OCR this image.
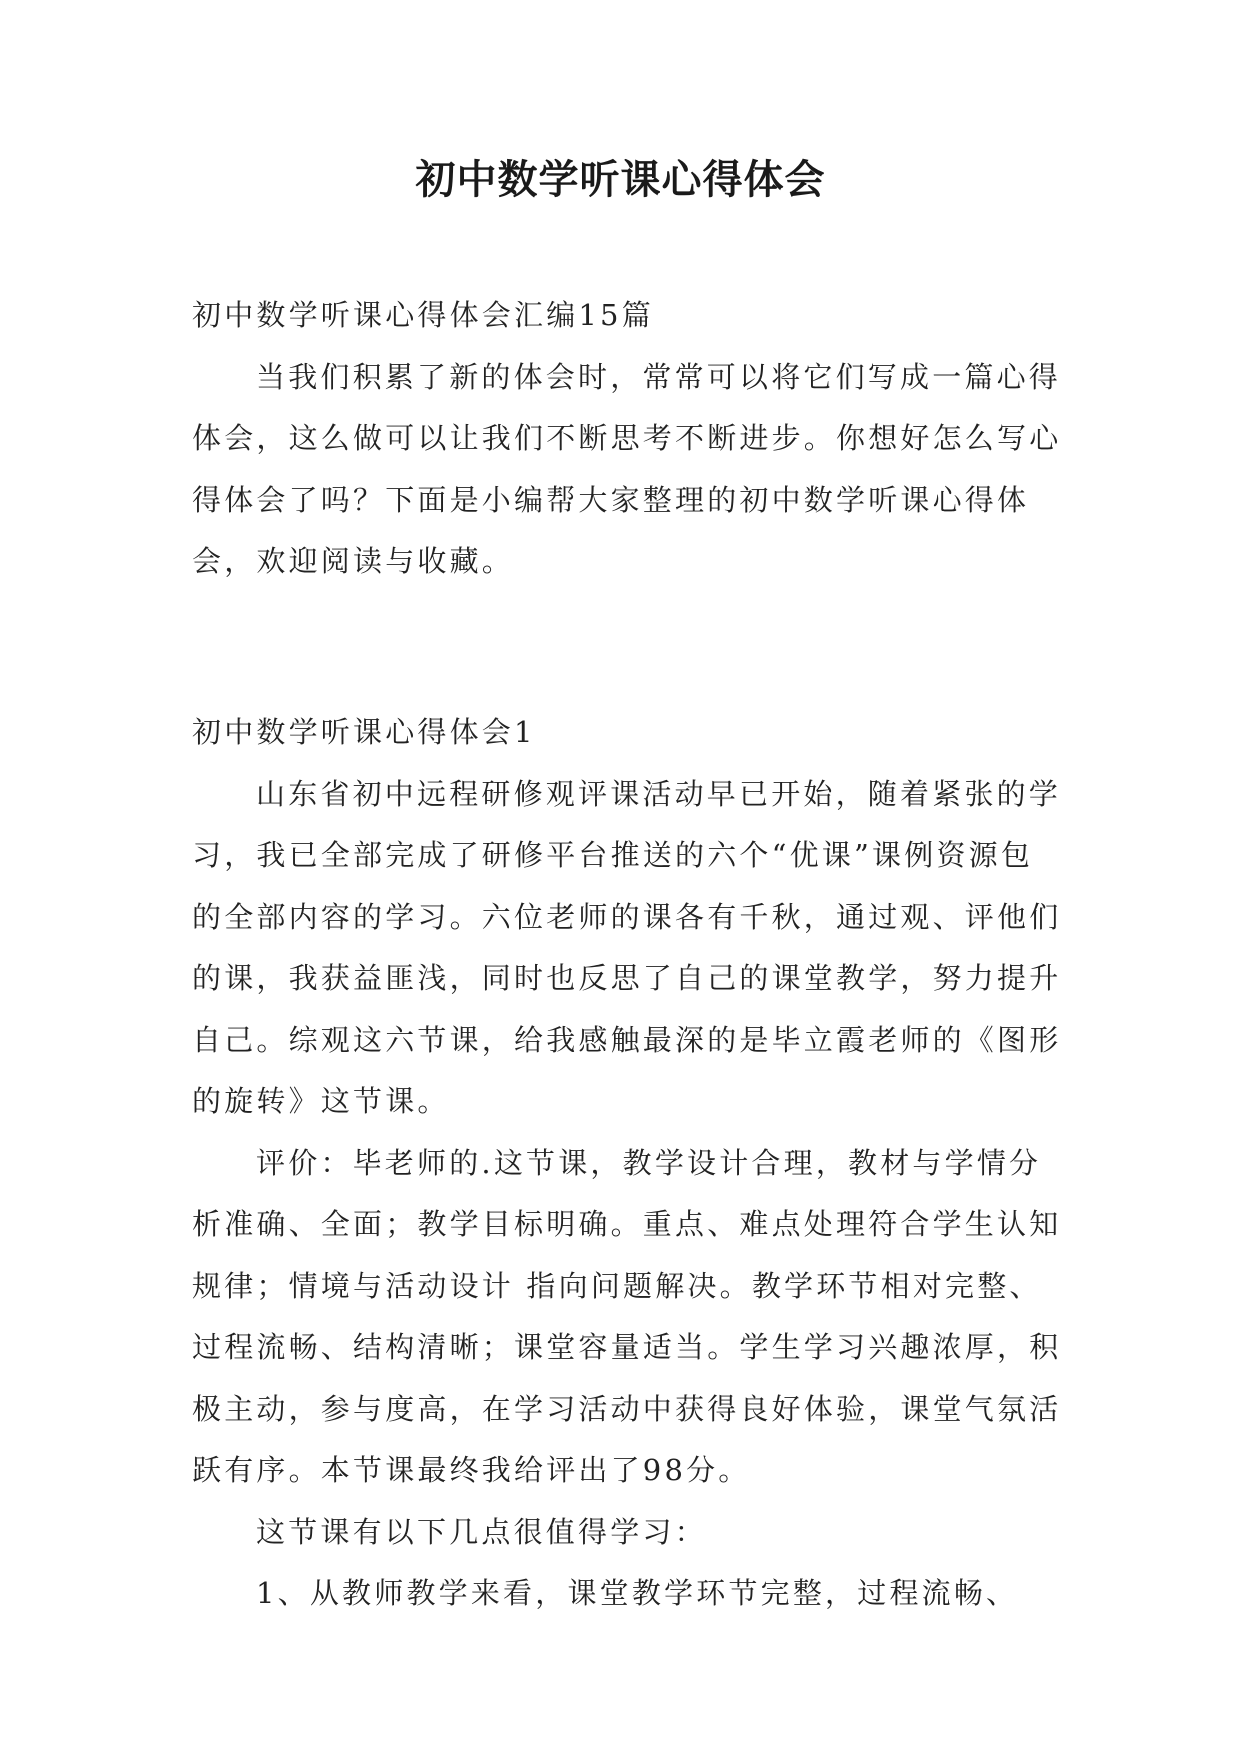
初中数学听课心得体会

初中数学听课心得体会汇编15篇

当我们积累了新的体会时，常常可以将它们写成一篇心得体会，这么做可以让我们不断思考不断进步。你想好怎么写心得体会了吗？下面是小编帮大家整理的初中数学听课心得体会，欢迎阅读与收藏。

初中数学听课心得体会1

山东省初中远程研修观评课活动早已开始，随着紧张的学习，我已全部完成了研修平台推送的六个“优课”课例资源包的全部内容的学习。六位老师的课各有千秋，通过观、评他们的课，我获益匪浅，同时也反思了自己的课堂教学，努力提升自己。综观这六节课，给我感触最深的是毕立霞老师的《图形的旋转》这节课。

评价：毕老师的.这节课，教学设计合理，教材与学情分析准确、全面；教学目标明确。重点、难点处理符合学生认知规律；情境与活动设计 指向问题解决。教学环节相对完整、过程流畅、结构清晰；课堂容量适当。学生学习兴趣浓厚，积极主动，参与度高，在学习活动中获得良好体验，课堂气氛活跃有序。本节课最终我给评出了98分。

这节课有以下几点很值得学习：

1、从教师教学来看，课堂教学环节完整，过程流畅、
